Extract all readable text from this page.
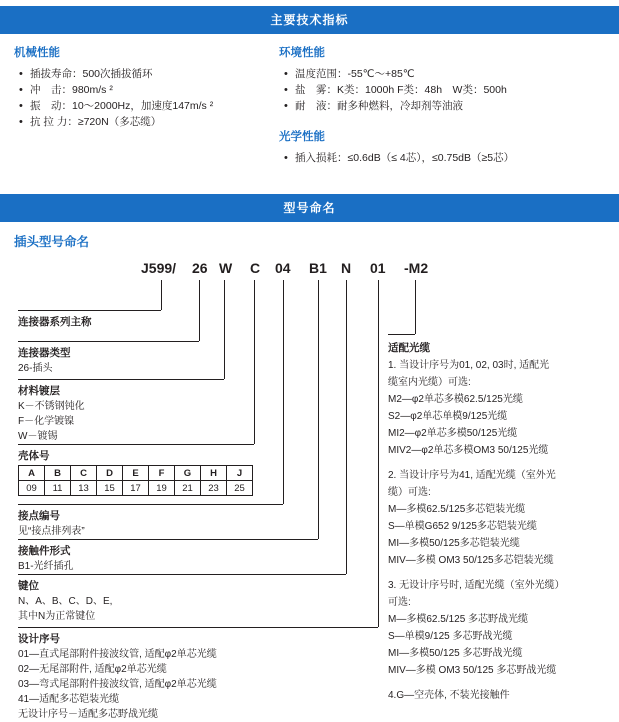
主要技术指标
机械性能
• 插拔寿命：500次插拔循环
• 冲　击：980m/s ²
• 振　动：10～2000Hz，加速度147m/s ²
• 抗 拉 力：≥720N（多芯缆）
环境性能
• 温度范围：-55℃～+85℃
• 盐　雾：K类：1000h F类：48h　W类：500h
• 耐　液：耐多种燃料，冷却剂等油液
光学性能
• 插入损耗：≤0.6dB（≤ 4芯），≤0.75dB（≥5芯）
型号命名
插头型号命名
J599/ 26 W C 04 B1 N 01 -M2
连接器系列主称
连接器类型
26-插头
材料镀层
K－不锈钢钝化
F－化学镀镍
W－镀锡
壳体号
A	B	C	D	E	F	G	H	J
09	11	13	15	17	19	21	23	25
接点编号
见“接点排列表”
接触件形式
B1-光纤插孔
键位
N、A、B、C、D、E,
其中N为正常键位
设计序号
01—直式尾部附件接波纹管, 适配φ2单芯光缆
02—无尾部附件, 适配φ2单芯光缆
03—弯式尾部附件接波纹管, 适配φ2单芯光缆
41—适配多芯铠装光缆
无设计序号－适配多芯野战光缆
适配光缆

1. 当设计序号为01, 02, 03时, 适配光

缆室内光缆）可选:

M2—φ2单芯多模62.5/125光缆

S2—φ2单芯单模9/125光缆

MI2—φ2单芯多模50/125光缆

MIV2—φ2单芯多模OM3 50/125光缆

2. 当设计序号为41, 适配光缆（室外光

缆）可选:

M—多模62.5/125多芯铠装光缆

S—单模G652 9/125多芯铠装光缆

MI—多模50/125多芯铠装光缆

MIV—多模 OM3 50/125多芯铠装光缆

3. 无设计序号时, 适配光缆（室外光缆）

可选:

M—多模62.5/125 多芯野战光缆

S—单模9/125 多芯野战光缆

MI—多模50/125 多芯野战光缆

MIV—多模 OM3 50/125 多芯野战光缆

4.G—空壳体, 不装光接触件
